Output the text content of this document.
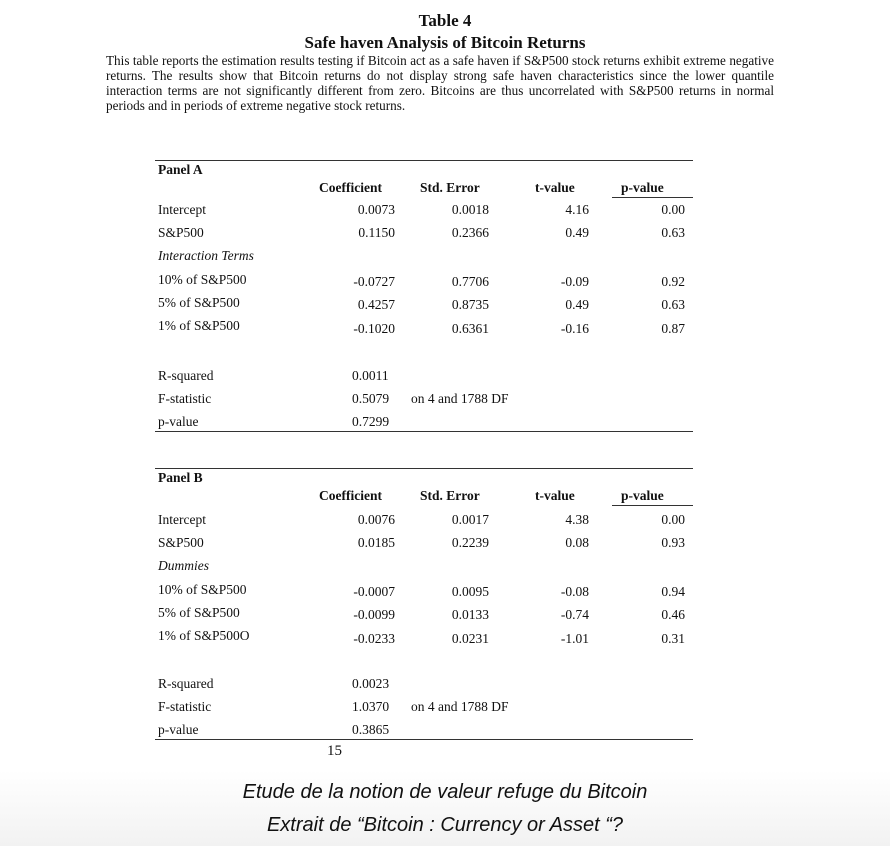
Table 4
Safe haven Analysis of Bitcoin Returns

This table reports the estimation results testing if Bitcoin act as a safe haven if S&P500 stock returns exhibit extreme negative returns. The results show that Bitcoin returns do not display strong safe haven characteristics since the lower quantile interaction terms are not significantly different from zero. Bitcoins are thus uncorrelated with S&P500 returns in normal periods and in periods of extreme negative stock returns.

Panel A
Coefficient	Std. Error	t-value	p-value
Intercept	0.0073	0.0018	4.16	0.00
S&P500	0.1150	0.2366	0.49	0.63
Interaction Terms
10% of S&P500	-0.0727	0.7706	-0.09	0.92
5% of S&P500	0.4257	0.8735	0.49	0.63
1% of S&P500	-0.1020	0.6361	-0.16	0.87
R-squared	0.0011
F-statistic	0.5079 on 4 and 1788 DF
p-value	0.7299
Panel B
Coefficient	Std. Error	t-value	p-value
Intercept	0.0076	0.0017	4.38	0.00
S&P500	0.0185	0.2239	0.08	0.93
Dummies
10% of S&P500	-0.0007	0.0095	-0.08	0.94
5% of S&P500	-0.0099	0.0133	-0.74	0.46
1% of S&P500O	-0.0233	0.0231	-1.01	0.31
R-squared	0.0023
F-statistic	1.0370 on 4 and 1788 DF
p-value	0.3865
15
Etude de la notion de valeur refuge du Bitcoin
Extrait de “Bitcoin : Currency or Asset “?
